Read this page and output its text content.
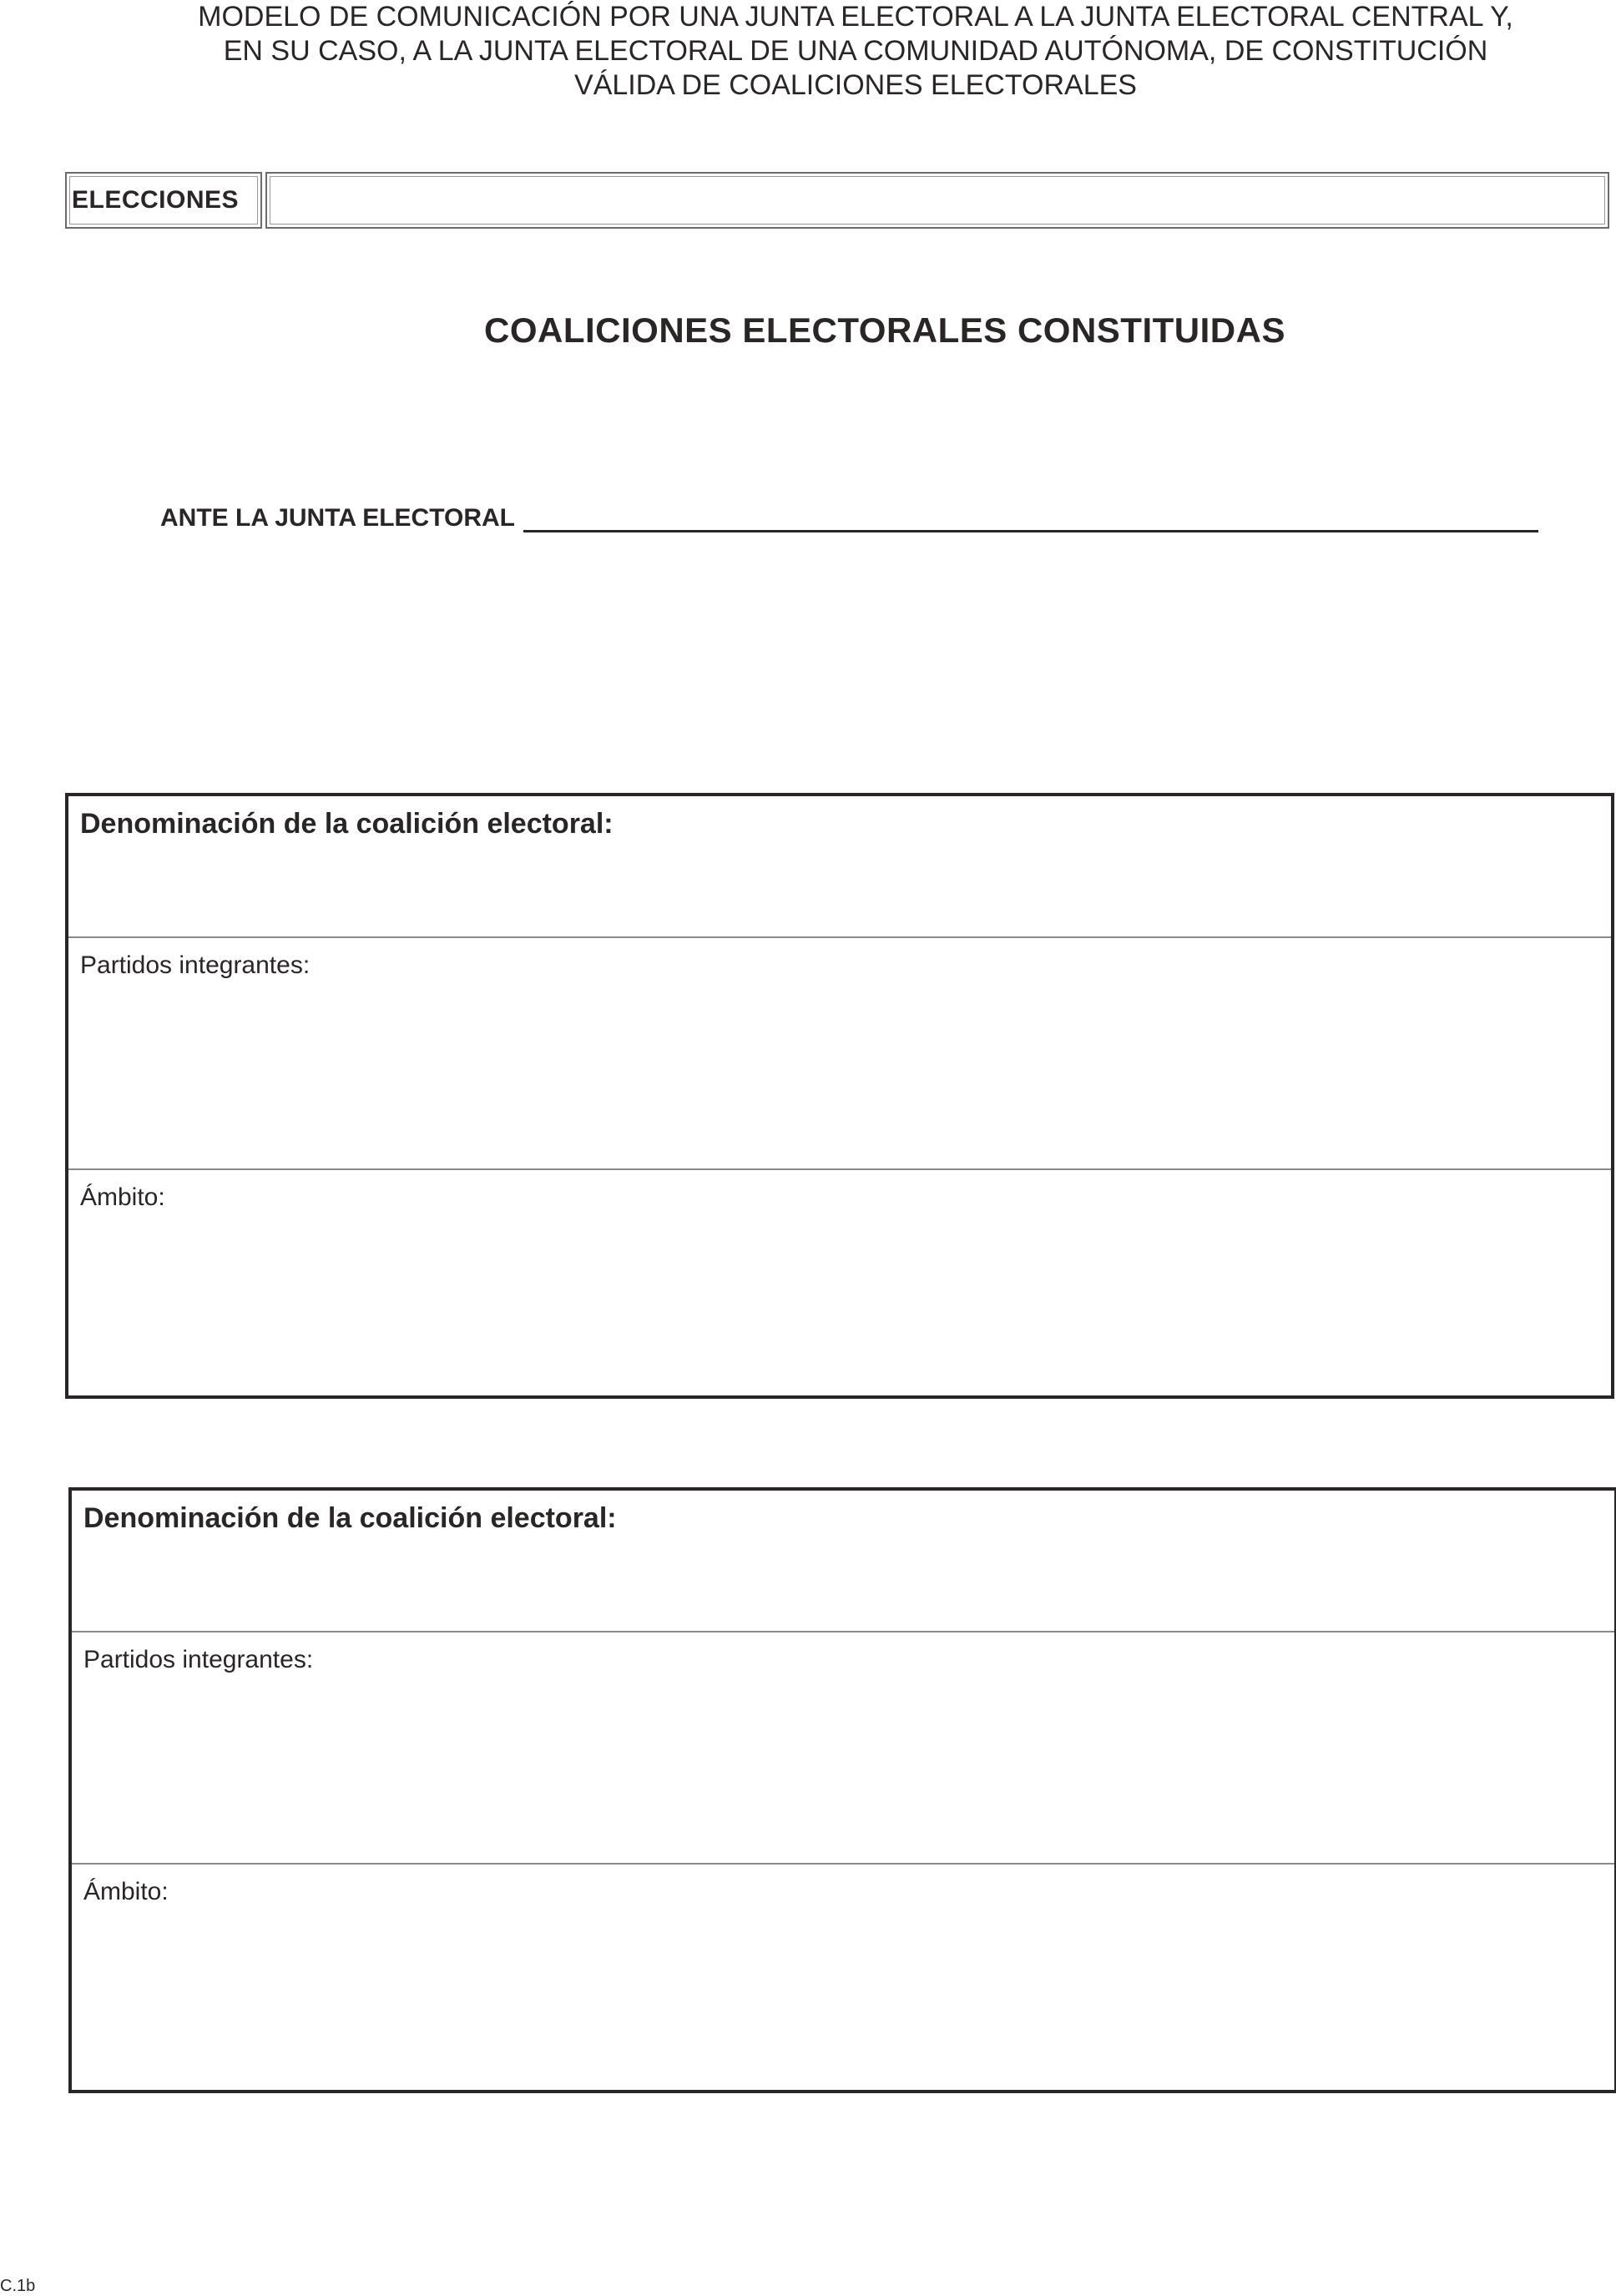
MODELO DE COMUNICACIÓN POR UNA JUNTA ELECTORAL A LA JUNTA ELECTORAL CENTRAL Y,
EN SU CASO, A LA JUNTA ELECTORAL DE UNA COMUNIDAD AUTÓNOMA, DE CONSTITUCIÓN
VÁLIDA DE COALICIONES ELECTORALES
ELECCIONES
COALICIONES ELECTORALES CONSTITUIDAS
ANTE LA JUNTA ELECTORAL
Denominación de la coalición electoral:
Partidos integrantes:
Ámbito:
Denominación de la coalición electoral:
Partidos integrantes:
Ámbito:
C.1b
